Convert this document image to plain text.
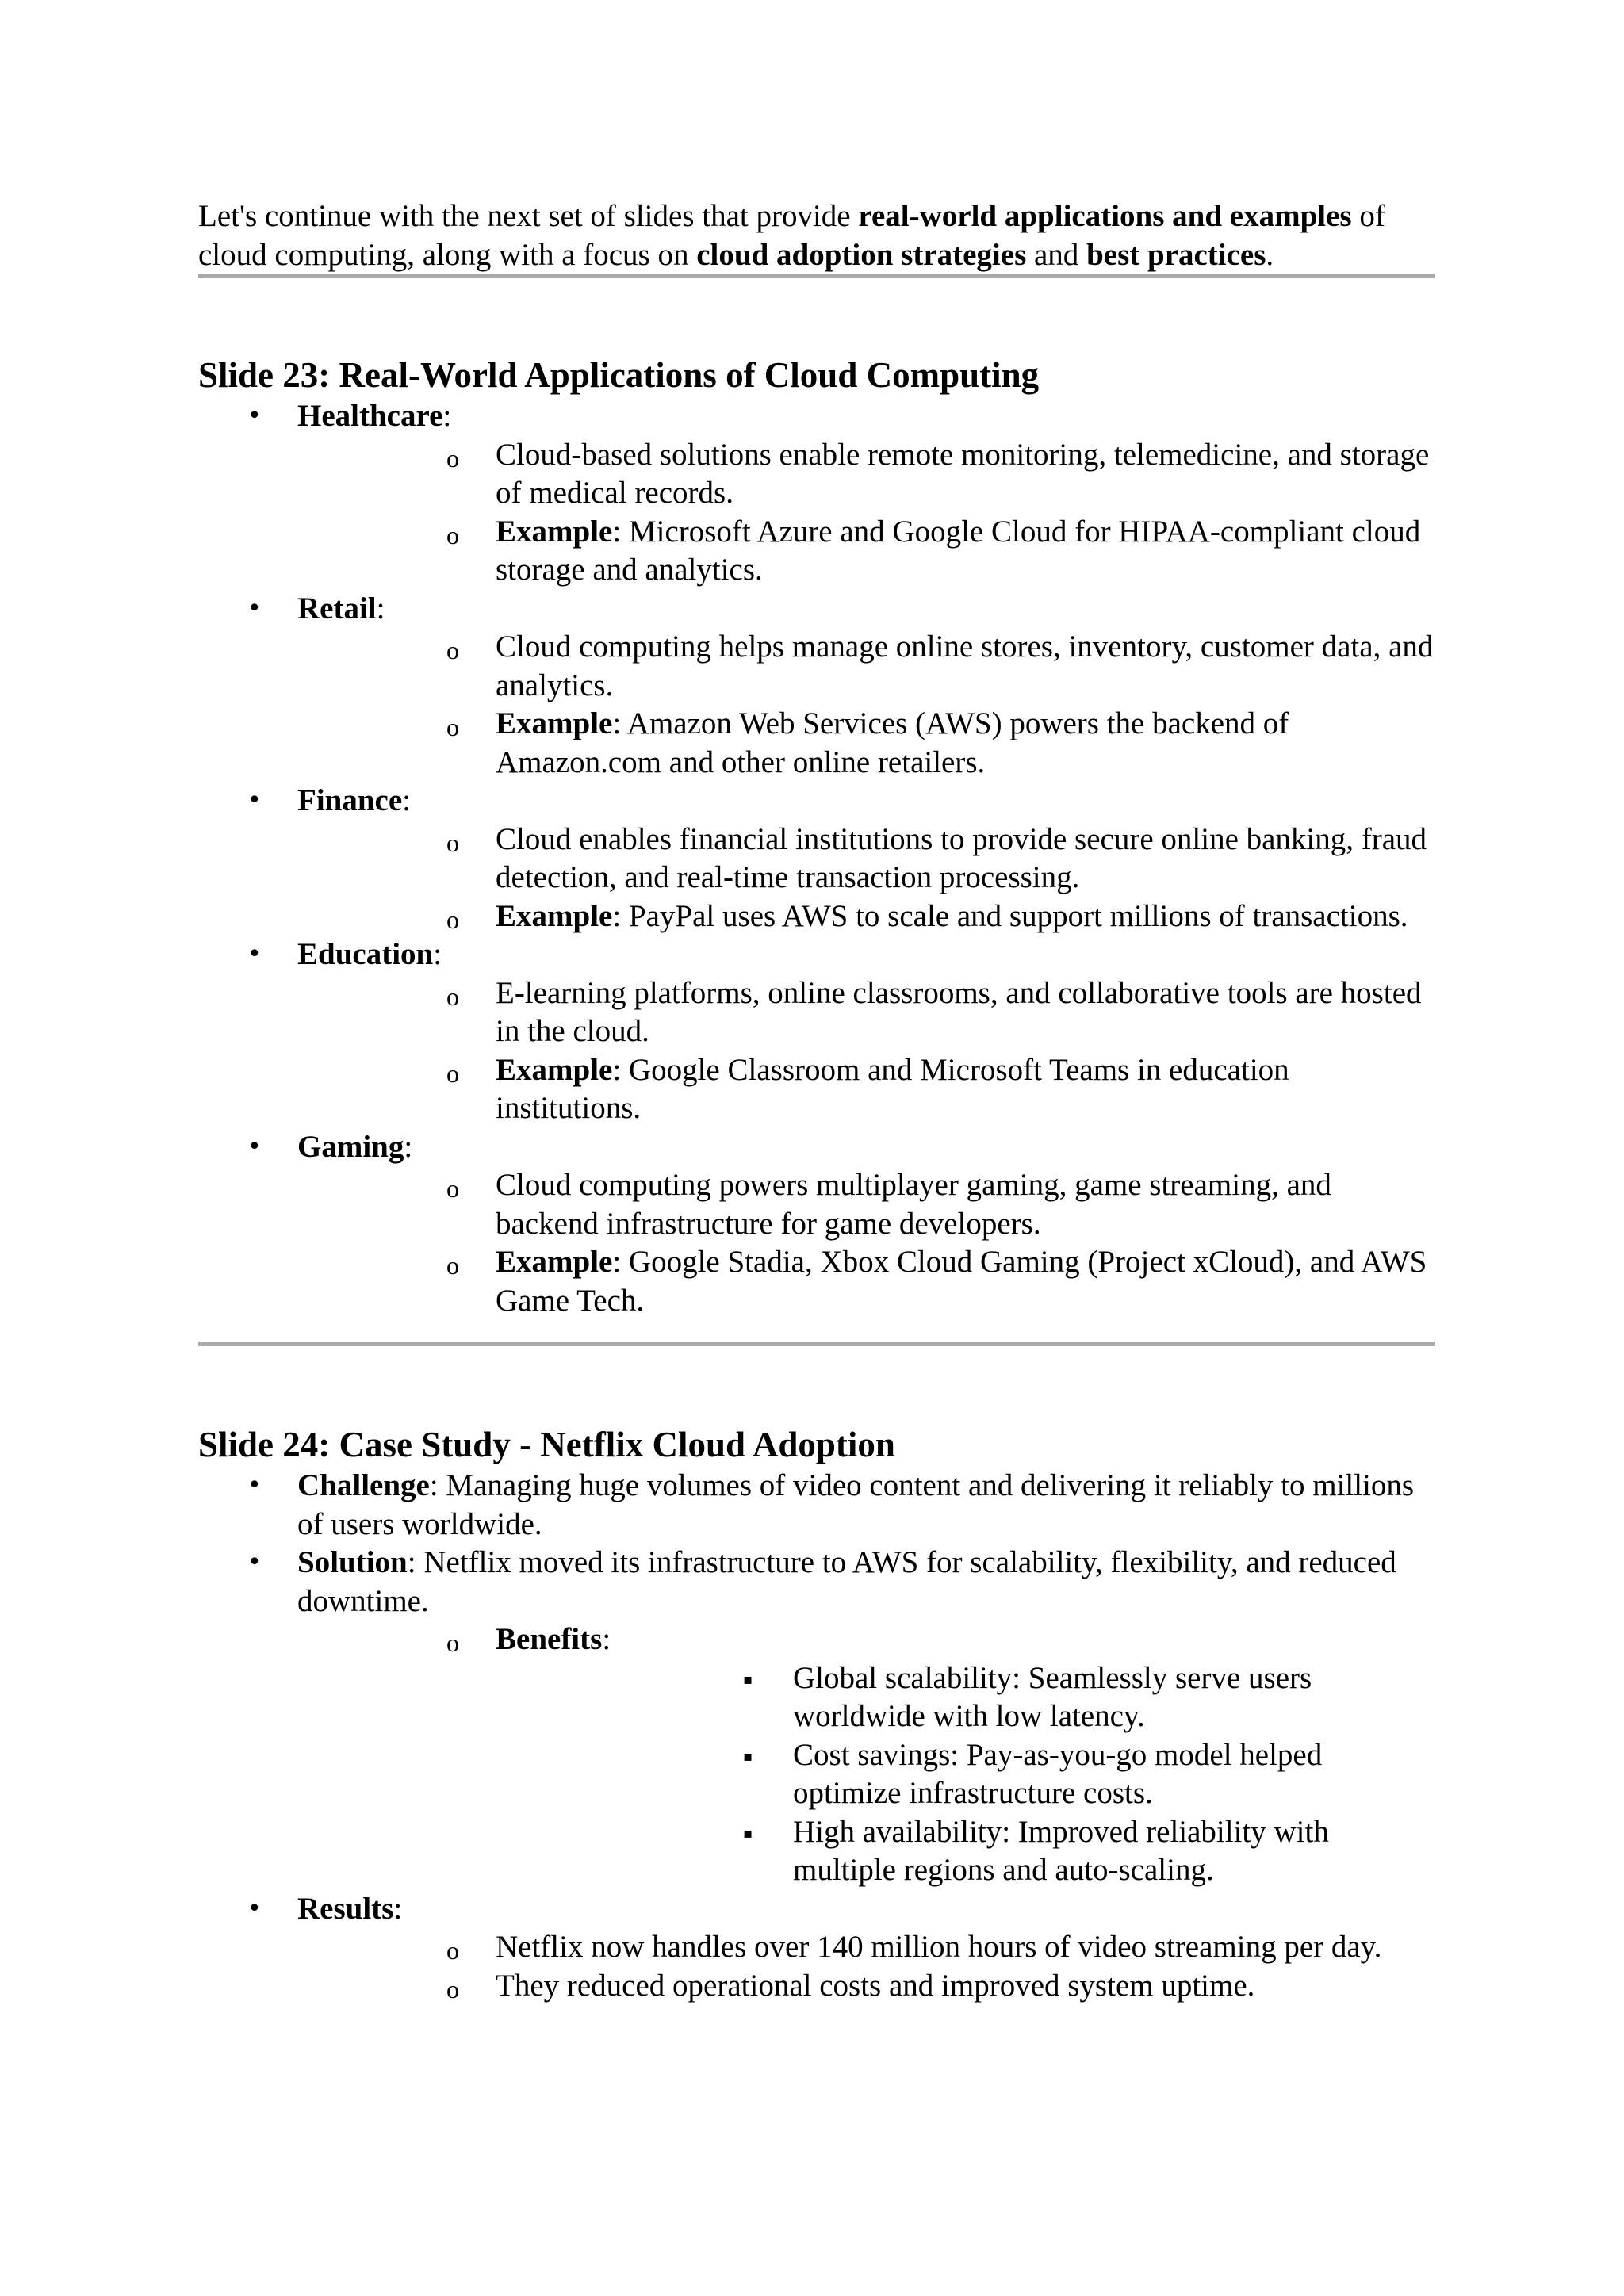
Let's continue with the next set of slides that provide real-world applications and examples of cloud computing, along with a focus on cloud adoption strategies and best practices.

Slide 23: Real-World Applications of Cloud Computing
• Healthcare:
o Cloud-based solutions enable remote monitoring, telemedicine, and storage of medical records.
o Example: Microsoft Azure and Google Cloud for HIPAA-compliant cloud storage and analytics.
• Retail:
o Cloud computing helps manage online stores, inventory, customer data, and analytics.
o Example: Amazon Web Services (AWS) powers the backend of Amazon.com and other online retailers.
• Finance:
o Cloud enables financial institutions to provide secure online banking, fraud detection, and real-time transaction processing.
o Example: PayPal uses AWS to scale and support millions of transactions.
• Education:
o E-learning platforms, online classrooms, and collaborative tools are hosted in the cloud.
o Example: Google Classroom and Microsoft Teams in education institutions.
• Gaming:
o Cloud computing powers multiplayer gaming, game streaming, and backend infrastructure for game developers.
o Example: Google Stadia, Xbox Cloud Gaming (Project xCloud), and AWS Game Tech.
Slide 24: Case Study - Netflix Cloud Adoption
• Challenge: Managing huge volumes of video content and delivering it reliably to millions of users worldwide.
• Solution: Netflix moved its infrastructure to AWS for scalability, flexibility, and reduced downtime.
o Benefits:
▪ Global scalability: Seamlessly serve users worldwide with low latency.
▪ Cost savings: Pay-as-you-go model helped optimize infrastructure costs.
▪ High availability: Improved reliability with multiple regions and auto-scaling.
• Results:
o Netflix now handles over 140 million hours of video streaming per day.
o They reduced operational costs and improved system uptime.
